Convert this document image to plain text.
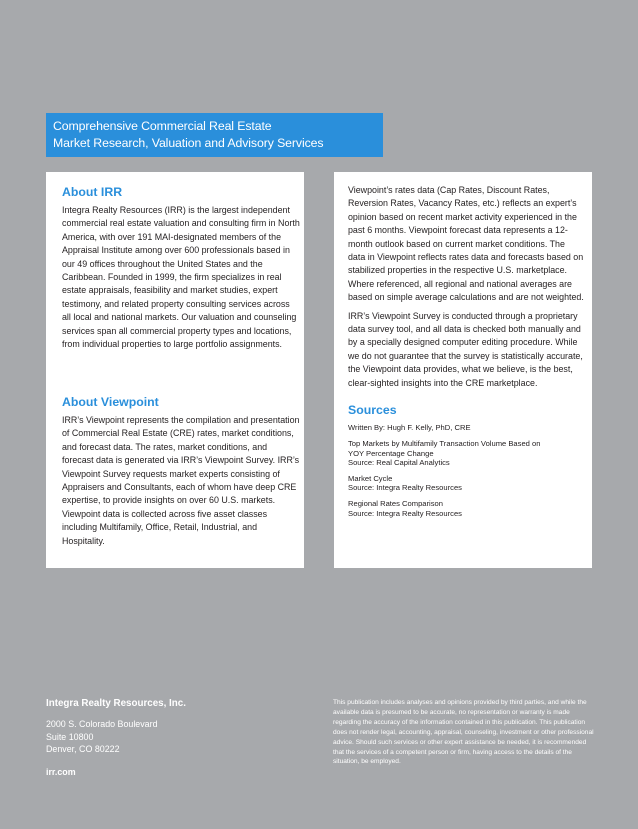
Comprehensive Commercial Real Estate
Market Research, Valuation and Advisory Services
About IRR
Integra Realty Resources (IRR) is the largest independent commercial real estate valuation and consulting firm in North America, with over 191 MAI-designated members of the Appraisal Institute among over 600 professionals based in our 49 offices throughout the United States and the Caribbean. Founded in 1999, the firm specializes in real estate appraisals, feasibility and market studies, expert testimony, and related property consulting services across all local and national markets. Our valuation and counseling services span all commercial property types and locations, from individual properties to large portfolio assignments.
About Viewpoint
IRR’s Viewpoint represents the compilation and presentation of Commercial Real Estate (CRE) rates, market conditions, and forecast data. The rates, market conditions, and forecast data is generated via IRR’s Viewpoint Survey. IRR’s Viewpoint Survey requests market experts consisting of Appraisers and Consultants, each of whom have deep CRE expertise, to provide insights on over 60 U.S. markets. Viewpoint data is collected across five asset classes including Multifamily, Office, Retail, Industrial, and Hospitality.
Viewpoint’s rates data (Cap Rates, Discount Rates, Reversion Rates, Vacancy Rates, etc.) reflects an expert’s opinion based on recent market activity experienced in the past 6 months. Viewpoint forecast data represents a 12-month outlook based on current market conditions. The data in Viewpoint reflects rates data and forecasts based on stabilized properties in the respective U.S. marketplace. Where referenced, all regional and national averages are based on simple average calculations and are not weighted.
IRR’s Viewpoint Survey is conducted through a proprietary data survey tool, and all data is checked both manually and by a specially designed computer editing procedure. While we do not guarantee that the survey is statistically accurate, the Viewpoint data provides, what we believe, is the best, clear-sighted insights into the CRE marketplace.
Sources
Written By: Hugh F. Kelly, PhD, CRE
Top Markets by Multifamily Transaction Volume Based on
YOY Percentage Change
Source: Real Capital Analytics
Market Cycle
Source: Integra Realty Resources
Regional Rates Comparison
Source: Integra Realty Resources
Integra Realty Resources, Inc.
2000 S. Colorado Boulevard
Suite 10800
Denver, CO 80222
irr.com
This publication includes analyses and opinions provided by third parties, and while the available data is presumed to be accurate, no representation or warranty is made regarding the accuracy of the information contained in this publication. This publication does not render legal, accounting, appraisal, counseling, investment or other professional advice. Should such services or other expert assistance be needed, it is recommended that the services of a competent person or firm, having access to the details of the situation, be employed.
